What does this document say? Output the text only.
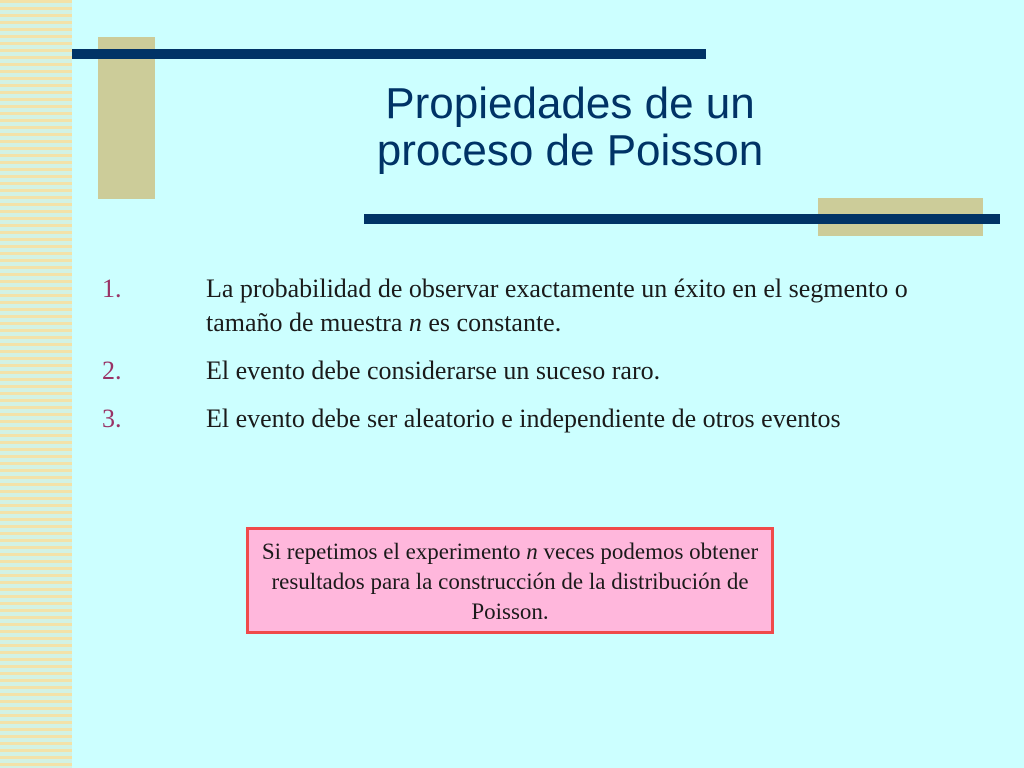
Propiedades de un
proceso de Poisson
1.	La probabilidad de observar exactamente un éxito en el segmento o tamaño de muestra n es constante.
2.	El evento debe considerarse un suceso raro.
3.	El evento debe ser aleatorio e independiente de otros eventos
Si repetimos el experimento n veces podemos obtener resultados para la construcción de la distribución de Poisson.
